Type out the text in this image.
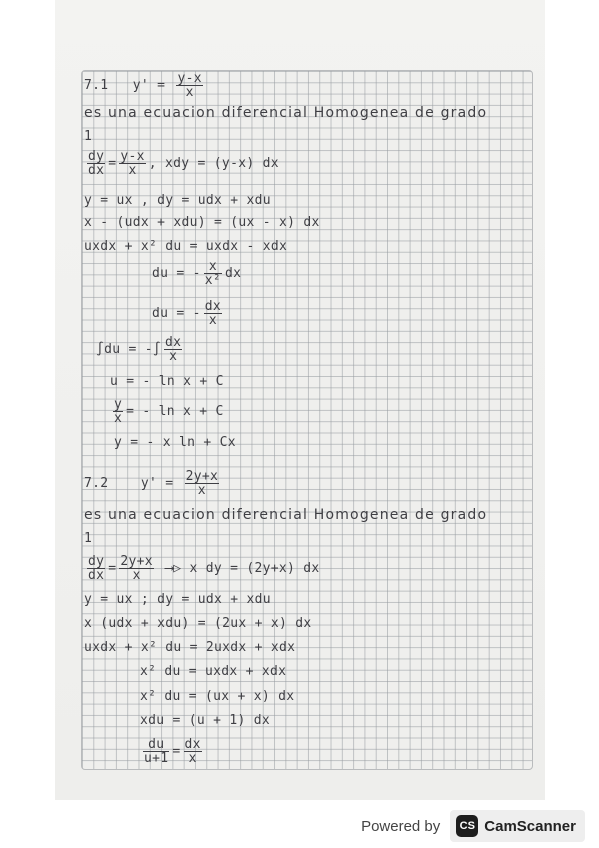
7.1 $y' = \frac{y-x}{x}$
es una ecuacion diferencial Homogenea de grado
1
$\frac{dy}{dx} = \frac{y-x}{x}$ , xdy = (y-x) dx
y = ux , dy = udx + xdu
x - (udx + xdu) = (ux - x) dx
uxdx + x² du = uxdx - xdx
du = - $\frac{x}{\text{x²}}$ dx
du = - $\frac{dx}{x}$
∫du = -∫ $\frac{dx}{x}$
u = - ln x + C
$\frac{y}{x}$ = - ln x + C
y = - x ln + Cx
7.2	$y' = \frac{2y+x}{x}$
es una ecuacion diferencial Homogenea de grado
1
$\frac{dy}{dx} = \frac{2y+x}{x}$ ⟶▷ x dy = (2y+x) dx
y = ux ; dy = udx + xdu
x (udx + xdu) = (2ux + x) dx
uxdx + x² du = 2uxdx + xdx
x² du = uxdx + xdx
x² du = (ux + x) dx
xdu = (u + 1) dx
$\frac{du}{u+1} = \frac{dx}{x}$
Powered by	CS CamScanner
